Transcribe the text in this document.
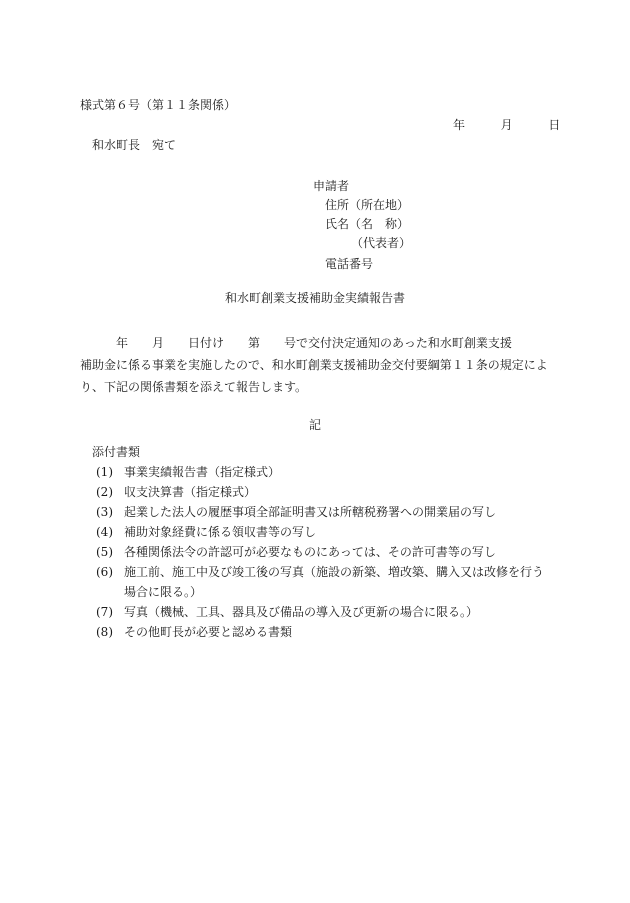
様式第６号（第１１条関係）
年	月	日
和水町長　宛て
申請者
住所（所在地）
氏名（名　称）
（代表者）
電話番号
和水町創業支援補助金実績報告書
　　　年　　月　　日付け　　第　　号で交付決定通知のあった和水町創業支援
補助金に係る事業を実施したので、和水町創業支援補助金交付要綱第１１条の規定によ
り、下記の関係書類を添えて報告します。
記
添付書類
(1) 事業実績報告書（指定様式）
(2) 収支決算書（指定様式）
(3) 起業した法人の履歴事項全部証明書又は所轄税務署への開業届の写し
(4) 補助対象経費に係る領収書等の写し
(5) 各種関係法令の許認可が必要なものにあっては、その許可書等の写し
(6) 施工前、施工中及び竣工後の写真（施設の新築、増改築、購入又は改修を行う
場合に限る。）
(7) 写真（機械、工具、器具及び備品の導入及び更新の場合に限る。）
(8) その他町長が必要と認める書類
